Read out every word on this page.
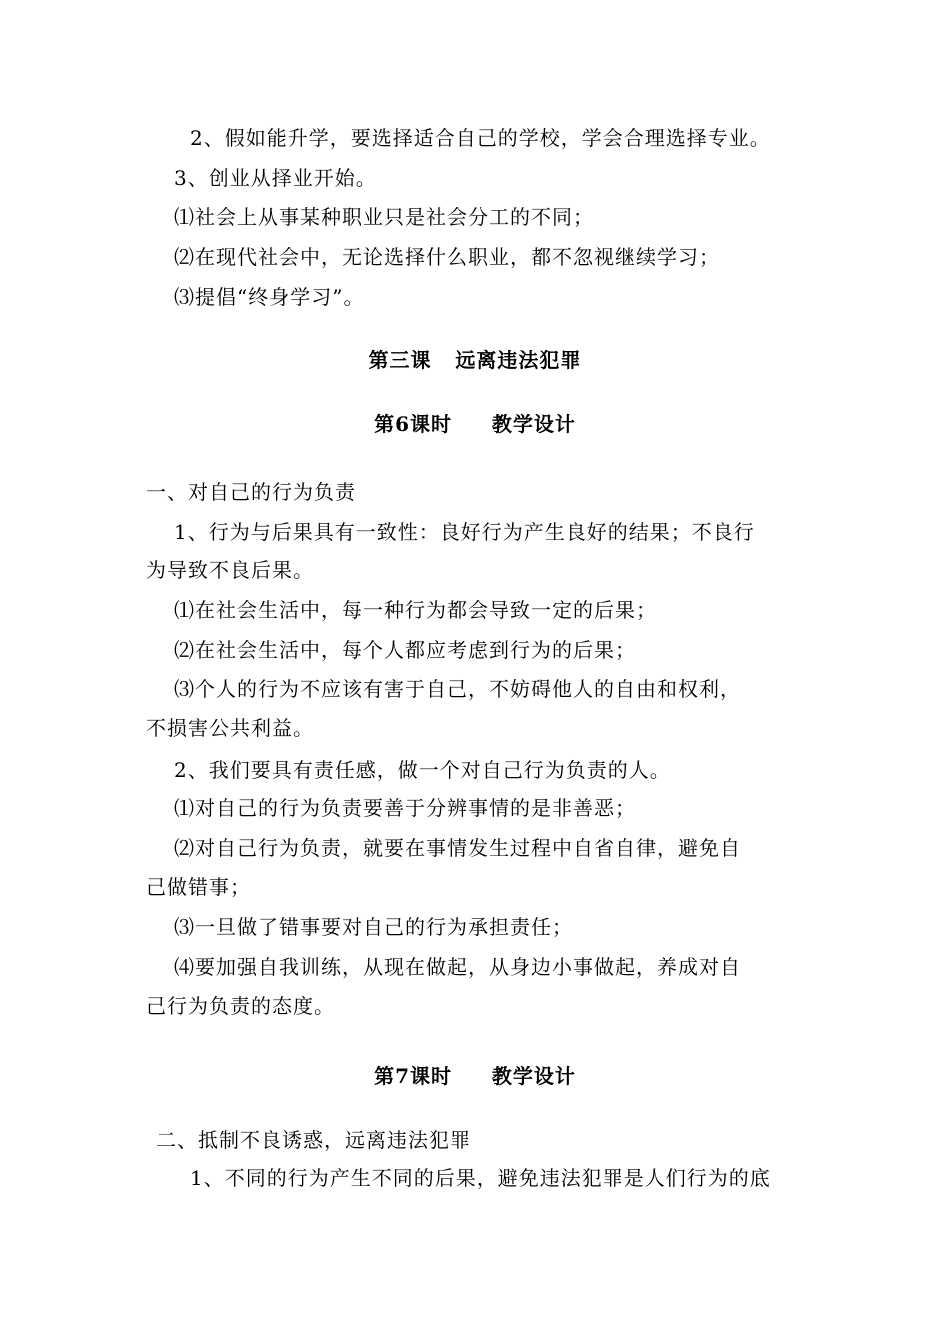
2、假如能升学，要选择适合自己的学校，学会合理选择专业。
3、创业从择业开始。
⑴社会上从事某种职业只是社会分工的不同；
⑵在现代社会中，无论选择什么职业，都不忽视继续学习；
⑶提倡“终身学习”。
第三课   远离违法犯罪
第6课时     教学设计
一、对自己的行为负责
1、行为与后果具有一致性：良好行为产生良好的结果；不良行
为导致不良后果。
⑴在社会生活中，每一种行为都会导致一定的后果；
⑵在社会生活中，每个人都应考虑到行为的后果；
⑶个人的行为不应该有害于自己，不妨碍他人的自由和权利，
不损害公共利益。
2、我们要具有责任感，做一个对自己行为负责的人。
⑴对自己的行为负责要善于分辨事情的是非善恶；
⑵对自己行为负责，就要在事情发生过程中自省自律，避免自
己做错事；
⑶一旦做了错事要对自己的行为承担责任；
⑷要加强自我训练，从现在做起，从身边小事做起，养成对自
己行为负责的态度。
第7课时     教学设计
二、抵制不良诱惑，远离违法犯罪
1、不同的行为产生不同的后果，避免违法犯罪是人们行为的底
